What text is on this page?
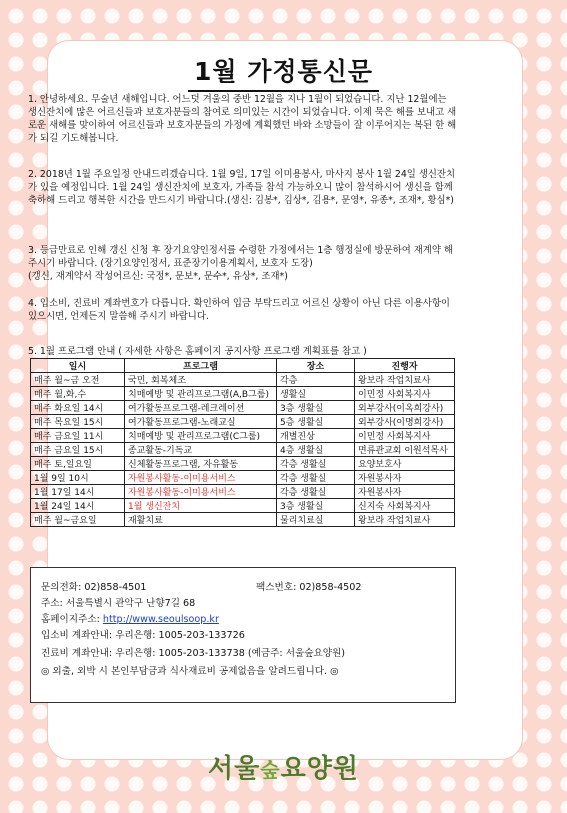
1월 가정통신문

1. 안녕하세요. 무술년 새해입니다. 어느덧 겨울의 중반 12월을 지나 1월이 되었습니다. 지난 12월에는 생신잔치에 많은 어르신들과 보호자분들의 참여로 의미있는 시간이 되었습니다. 이제 묵은 해를 보내고 새로운 새해를 맞이하여 어르신들과 보호자분들의 가정에 계획했던 바와 소망들이 잘 이루어지는 복된 한 해가 되길 기도해봅니다.

2. 2018년 1월 주요일정 안내드리겠습니다. 1월 9일, 17일 이미용봉사, 마사지 봉사 1월 24일 생신잔치가 있을 예정입니다. 1월 24일 생신잔치에 보호자, 가족들 참석 가능하오니 많이 참석하시어 생신을 함께 축하해 드리고 행복한 시간을 만드시기 바랍니다.(생신: 김봉*, 김상*, 김용*, 문영*, 유종*, 조재*, 황심*)

3. 등급만료로 인해 갱신 신청 후 장기요양인정서를 수령한 가정에서는 1층 행정실에 방문하여 재계약 해주시기 바랍니다. (장기요양인정서, 표준장기이용계획서, 보호자 도장)
(갱신, 재계약서 작성어르신: 국정*, 문보*, 문수*, 유상*, 조재*)

4. 입소비, 진료비 계좌번호가 다릅니다. 확인하여 입금 부탁드리고 어르신 상황이 아닌 다른 이용사항이 있으시면, 언제든지 말씀해 주시기 바랍니다.

5. 1월 프로그램 안내 ( 자세한 사항은 홈페이지 공지사항 프로그램 계획표를 참고 )

일시	프로그램	장소	진행자
매주 월~금 오전	국민, 회복체조	각층	왕보라 작업치료사
매주 월,화,수	치매예방 및 관리프로그램(A,B그룹)	생활실	이민정 사회복지사
매주 화요일 14시	여가활동프로그램-레크레이션	3층 생활실	외부강사(이옥희강사)
매주 목요일 15시	여가활동프로그램-노래교실	5층 생활실	외부강사(이명희강사)
매주 금요일 11시	치매예방 및 관리프로그램(C그룹)	개별진상	이민정 사회복지사
매주 금요일 15시	종교활동-기독교	4층 생활실	면류관교회 이원석목사
매주 토,일요일	신체활동프로그램, 자유활동	각층 생활실	요양보호사
1월 9일 10시	자원봉사활동-이미용서비스	각층 생활실	자원봉사자
1월 17일 14시	자원봉사활동-이미용서비스	각층 생활실	자원봉사자
1월 24일 14시	1월 생신잔치	3층 생활실	신지숙 사회복지사
매주 월~금요일	재활치료	물리치료실	왕보라 작업치료사
문의전화: 02)858-4501	팩스번호: 02)858-4502
주소: 서울특별시 관악구 난향7길 68
홈페이지주소: http://www.seoulsoop.kr
입소비 계좌안내: 우리은행: 1005-203-133726
진료비 계좌안내: 우리은행: 1005-203-133738 (예금주: 서울숲요양원)
◎ 외출, 외박 시 본인부담금과 식사재료비 공제없음을 알려드립니다. ◎
서울숲요양원
